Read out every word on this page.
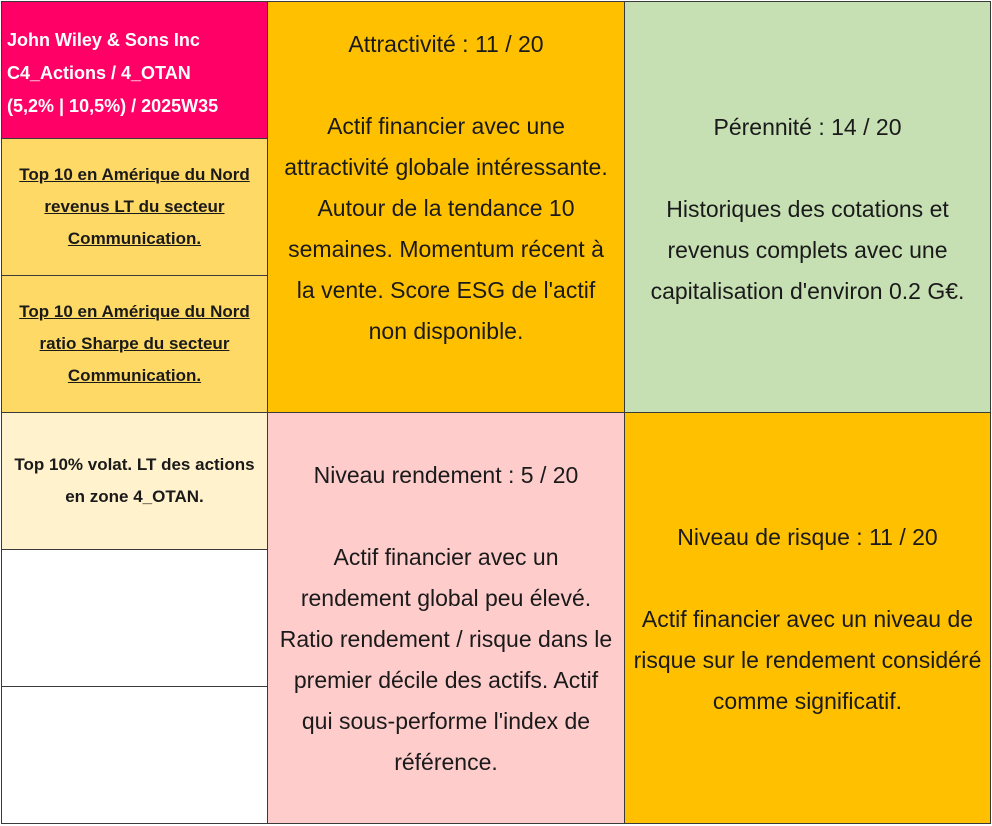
John Wiley & Sons Inc
C4_Actions / 4_OTAN
(5,2% | 10,5%) / 2025W35
Top 10 en Amérique du Nord revenus LT du secteur Communication.
Top 10 en Amérique du Nord ratio Sharpe du secteur Communication.
Top 10% volat. LT des actions en zone 4_OTAN.

Attractivité : 11 / 20

Actif financier avec une attractivité globale intéressante. Autour de la tendance 10 semaines. Momentum récent à la vente. Score ESG de l'actif non disponible.

Pérennité : 14 / 20

Historiques des cotations et revenus complets avec une capitalisation d'environ 0.2 G€.

Niveau rendement : 5 / 20

Actif financier avec un rendement global peu élevé. Ratio rendement / risque dans le premier décile des actifs. Actif qui sous-performe l'index de référence.

Niveau de risque : 11 / 20

Actif financier avec un niveau de risque sur le rendement considéré comme significatif.
